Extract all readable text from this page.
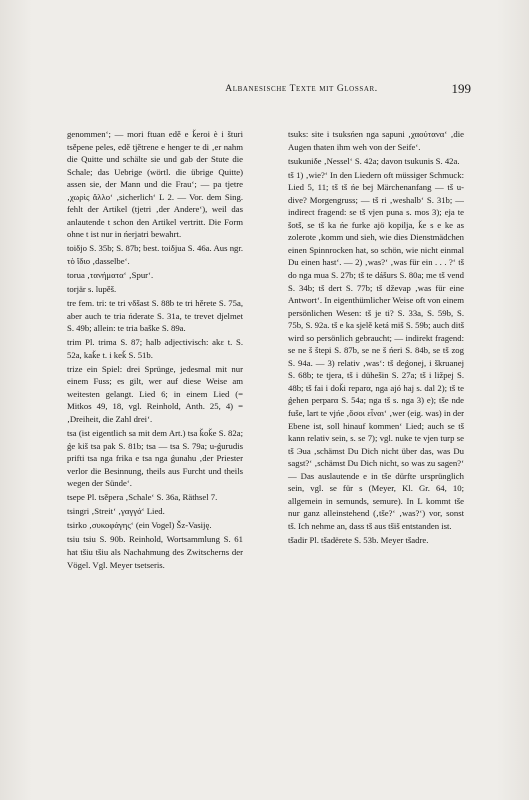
Albanesische Texte mit Glossar.	199

genommen‘; — mori ftuan edě e ǩeroi è i šturi tsěpene peles, edě tjětrene e henger te di ‚er nahm die Quitte und schälte sie und gab der Stute die Schale; das Uebrige (wörtl. die übrige Quitte) assen sie, der Mann und die Frau‘; — pa tjetre ‚χωρὶς ἄλλο‘ ‚sicherlich‘ L 2. — Vor. dem Sing. fehlt der Artikel (tjetri ‚der Andere‘), weil das anlautende t schon den Artikel vertritt. Die Form ohne t ist nur in ńerjatri bewahrt.

toiδjo S. 35b; S. 87b; best. toiδjua S. 46a. Aus ngr. τὸ ἴδιο ‚dasselbe‘.

torua ‚τανήματα‘ ‚Spur‘.

torjär s. lupěš.

tre fem. tri: te tri vδšast S. 88b te tri hěrete S. 75a, aber auch te tria ńderate S. 31a, te trevet djelmet S. 49b; allein: te tria baške S. 89a.

trim Pl. trima S. 87; halb adjectivisch: akε t. S. 52a, kaǩe t. i keǩ S. 51b.

trize ein Spiel: drei Sprünge, jedesmal mit nur einem Fuss; es gilt, wer auf diese Weise am weitesten gelangt. Lied 6; in einem Lied (= Mitkos 49, 18, vgl. Reinhold, Anth. 25, 4) = ‚Dreiheit, die Zahl drei‘.

tsa (ist eigentlich sa mit dem Art.) tsa ǩoǩe S. 82a; ǵe kiš tsa pak S. 81b; tsa — tsa S. 79a; u-ǵurudis prifti tsa nga frika e tsa nga ǵunahu ‚der Priester verlor die Besinnung, theils aus Furcht und theils wegen der Sünde‘.

tsepe Pl. tsěpera ‚Schale‘ S. 36a, Räthsel 7.

tsingri ‚Streit‘ ‚γαγγά‘ Lied.

tsirko ‚συκοφάγης‘ (ein Vogel) Šz-Vasiję.

tsiu tsiu S. 90b. Reinhold, Wortsammlung S. 61 hat tšiu tšiu als Nachahmung des Zwitscherns der Vögel. Vgl. Meyer tsetseris.

tsuks: site i tsuksńen nga sapuni ‚χαούτανα‘ ‚die Augen thaten ihm weh von der Seife‘.

tsukuniδe ‚Nessel‘ S. 42a; davon tsukunis S. 42a.

tš 1) ‚wie?‘ In den Liedern oft müssiger Schmuck: Lied 5, 11; tš tš ńe bej Märchenanfang — tš u-dive? Morgengruss; — tš ri ‚weshalb‘ S. 31b; — indirect fragend: se tš vjen puna s. mos 3); eja te šotš, se tš ka ńe furke ajö kopilja, ǩe s e ke as zolerote ‚komm und sieh, wie dies Dienstmädchen einen Spinnrocken hat, so schön, wie nicht einmal Du einen hast‘. — 2) ‚was?‘ ‚was für ein . . . ?‘ tš do nga mua S. 27b; tš te dášurs S. 80a; me tš vend S. 34b; tš dert S. 77b; tš dževap ‚was für eine Antwort‘. In eigenthümlicher Weise oft von einem persönlichen Wesen: tš je ti? S. 33a, S. 59b, S. 75b, S. 92a. tš e ka sjelě ketá miš S. 59b; auch ditš wird so persönlich gebraucht; — indirekt fragend: se ne š štepi S. 87b, se ne š ńeri S. 84b, se tš zog S. 94a. — 3) relativ ‚was‘: tš deǵonej, i škruanej S. 68b; te tjera, tš i dühešin S. 27a; tš i ližpej S. 48b; tš fai i doǩi reparα, nga ajó haj s. dal 2); tš te ǵehen perparα S. 54a; nga tš s. nga 3) e); tše nde fuše, lart te vjńe ‚ὅσοι εἶναι‘ ‚wer (eig. was) in der Ebene ist, soll hinauf kommen‘ Lied; auch se tš kann relativ sein, s. se 7); vgl. nuke te vjen turp se tš Эua ‚schämst Du Dich nicht über das, was Du sagst?‘ ‚schämst Du Dich nicht, so was zu sagen?‘ — Das auslautende e in tše dürfte ursprünglich sein, vgl. se für s (Meyer, Kl. Gr. 64, 10; allgemein in semunds, semure). In L kommt tše nur ganz alleinstehend (‚tše?‘ ‚was?‘) vor, sonst tš. Ich nehme an, dass tš aus tšiš entstanden ist.

tšadir Pl. tšadërete S. 53b. Meyer tšadre.
